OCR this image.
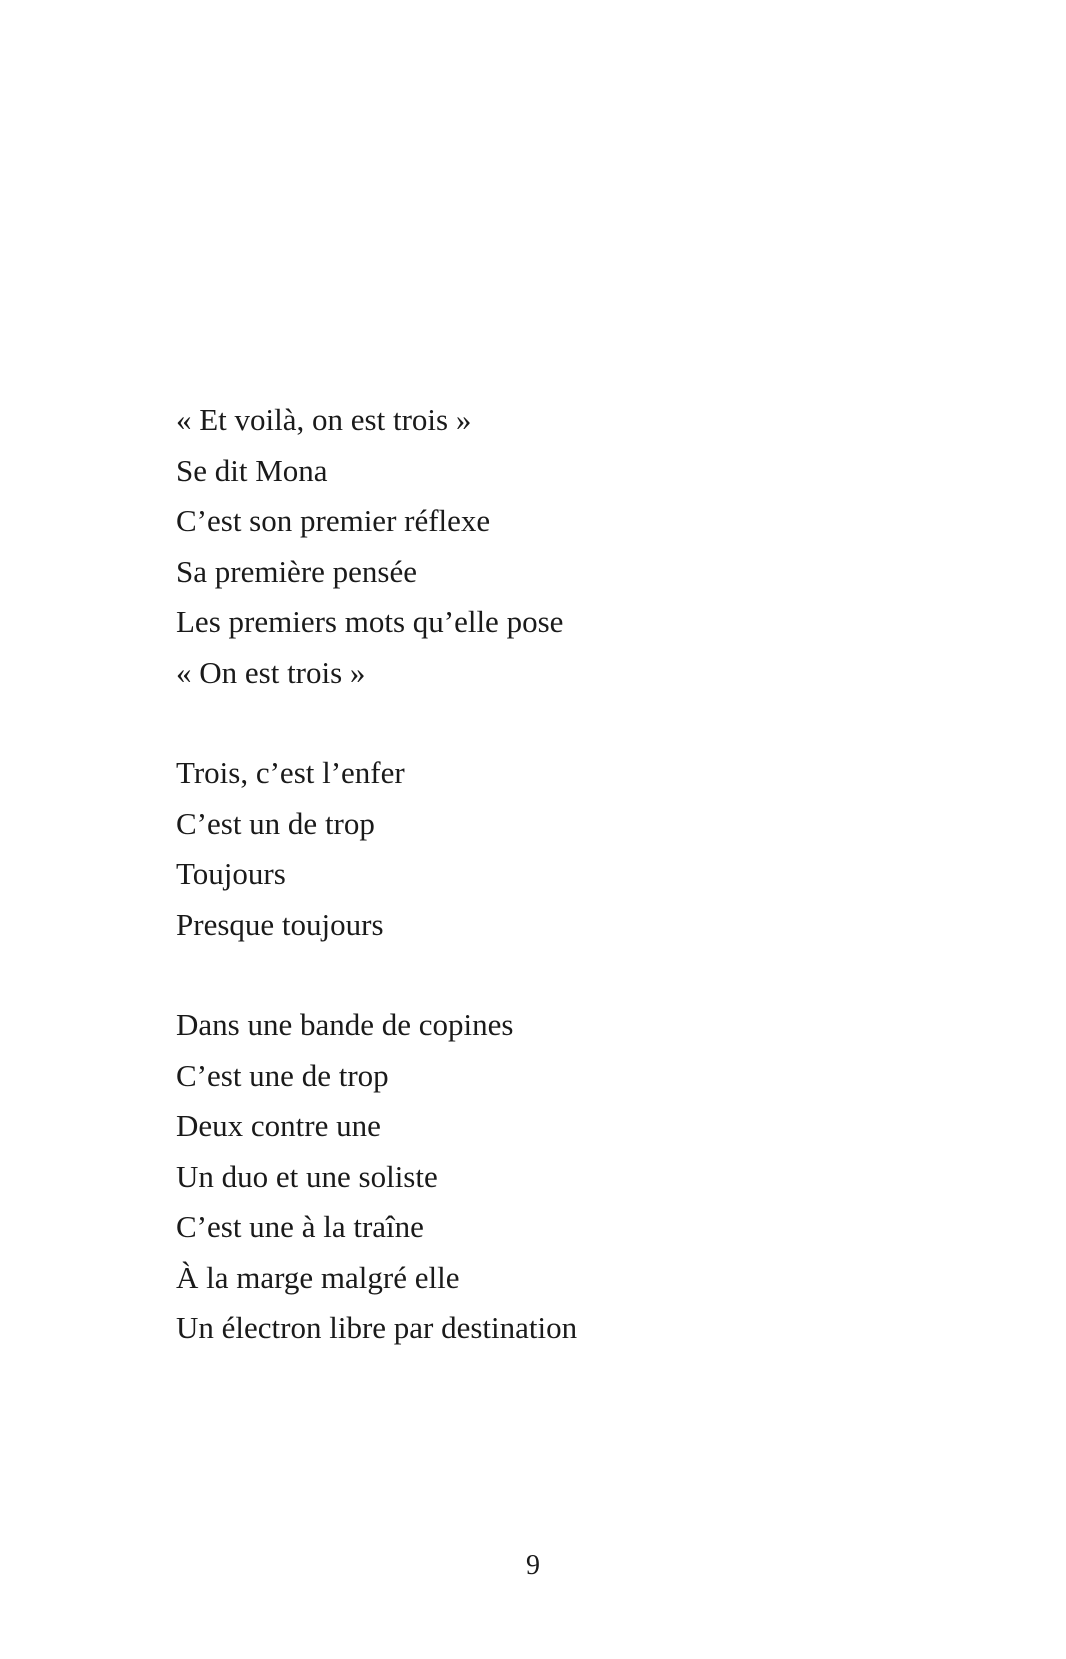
« Et voilà, on est trois »
Se dit Mona
C’est son premier réflexe
Sa première pensée
Les premiers mots qu’elle pose
« On est trois »
Trois, c’est l’enfer
C’est un de trop
Toujours
Presque toujours
Dans une bande de copines
C’est une de trop
Deux contre une
Un duo et une soliste
C’est une à la traîne
À la marge malgré elle
Un électron libre par destination
9
